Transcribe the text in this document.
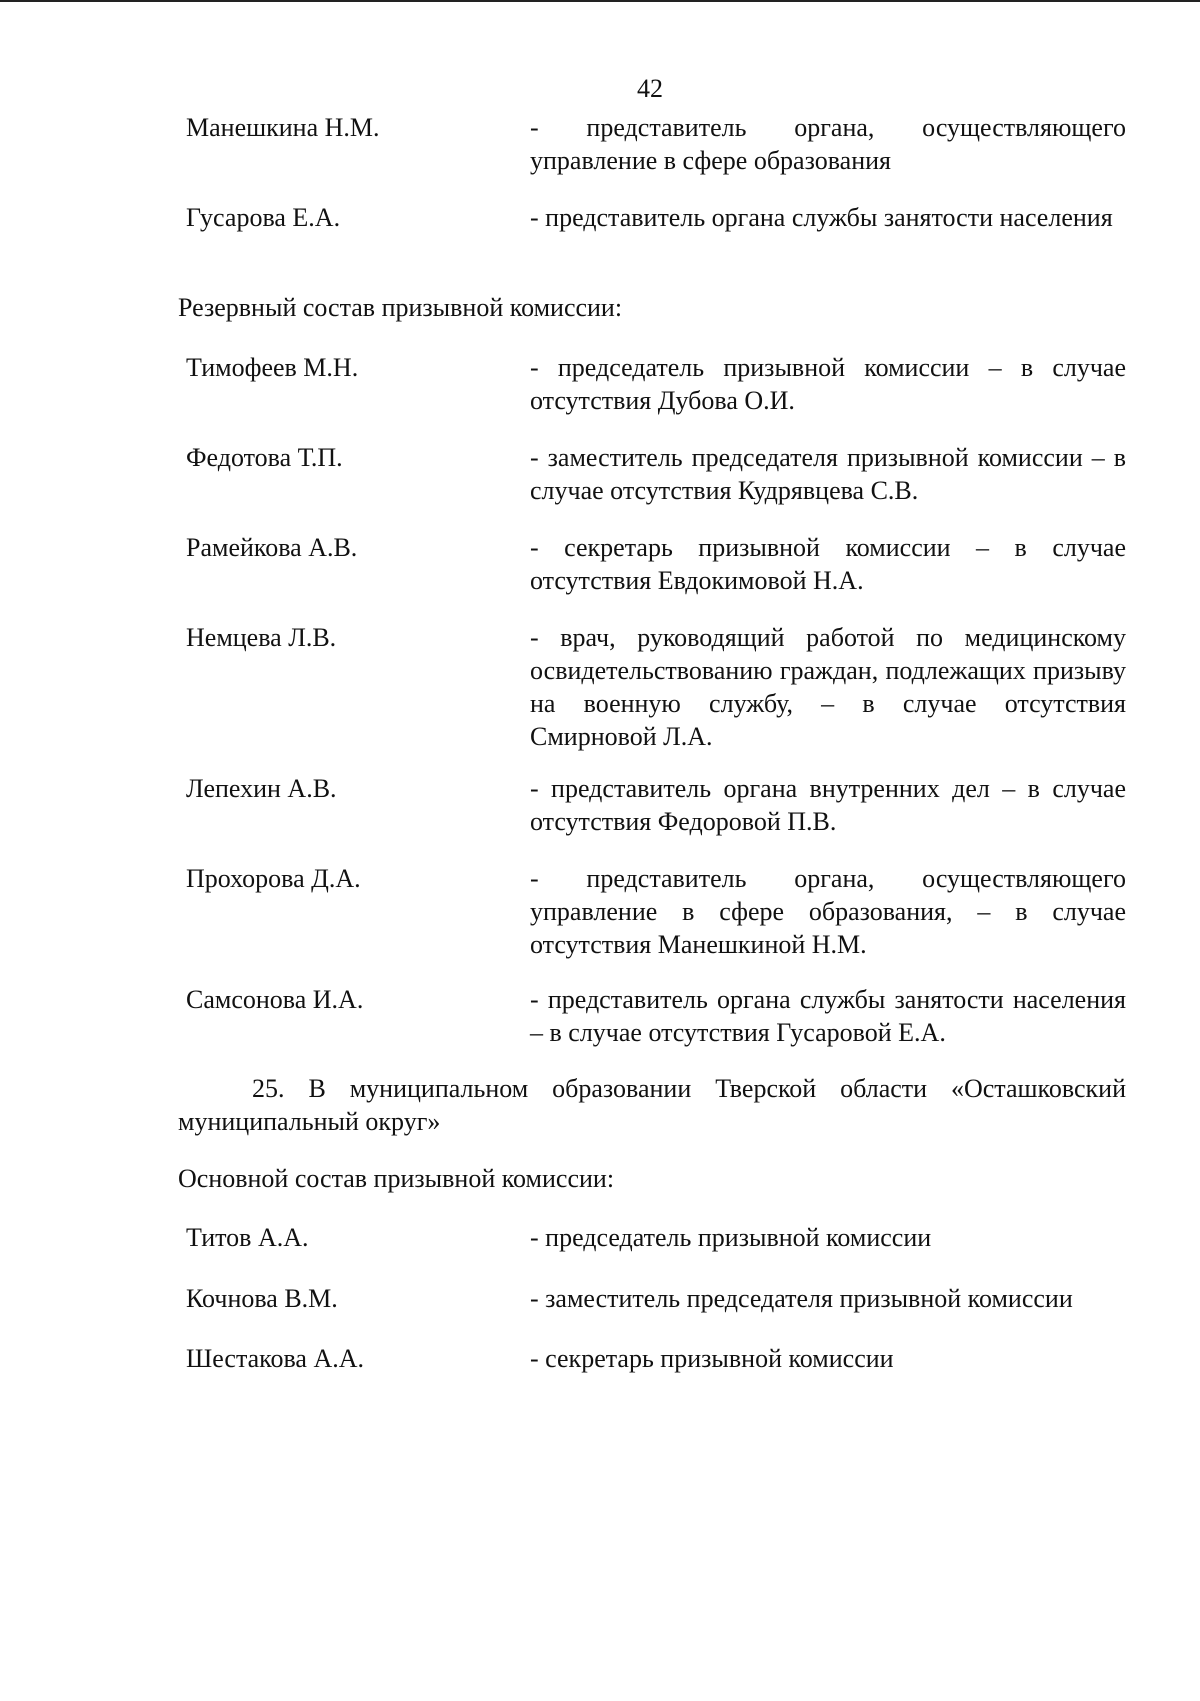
42
Манешкина Н.М.	- представитель органа, осуществляющего управление в сфере образования
Гусарова Е.А.	- представитель органа службы занятости населения
Резервный состав призывной комиссии:
Тимофеев М.Н.	- председатель призывной комиссии – в случае отсутствия Дубова О.И.
Федотова Т.П.	- заместитель председателя призывной комиссии – в случае отсутствия Кудрявцева С.В.
Рамейкова А.В.	- секретарь призывной комиссии – в случае отсутствия Евдокимовой Н.А.
Немцева Л.В.	- врач, руководящий работой по медицинскому освидетельствованию граждан, подлежащих призыву на военную службу, – в случае отсутствия Смирновой Л.А.
Лепехин А.В.	- представитель органа внутренних дел – в случае отсутствия Федоровой П.В.
Прохорова Д.А.	- представитель органа, осуществляющего управление в сфере образования, – в случае отсутствия Манешкиной Н.М.
Самсонова И.А.	- представитель органа службы занятости населения – в случае отсутствия Гусаровой Е.А.
25. В муниципальном образовании Тверской области «Осташковский муниципальный округ»
Основной состав призывной комиссии:
Титов А.А.	- председатель призывной комиссии
Кочнова В.М.	- заместитель председателя призывной комиссии
Шестакова А.А.	- секретарь призывной комиссии
